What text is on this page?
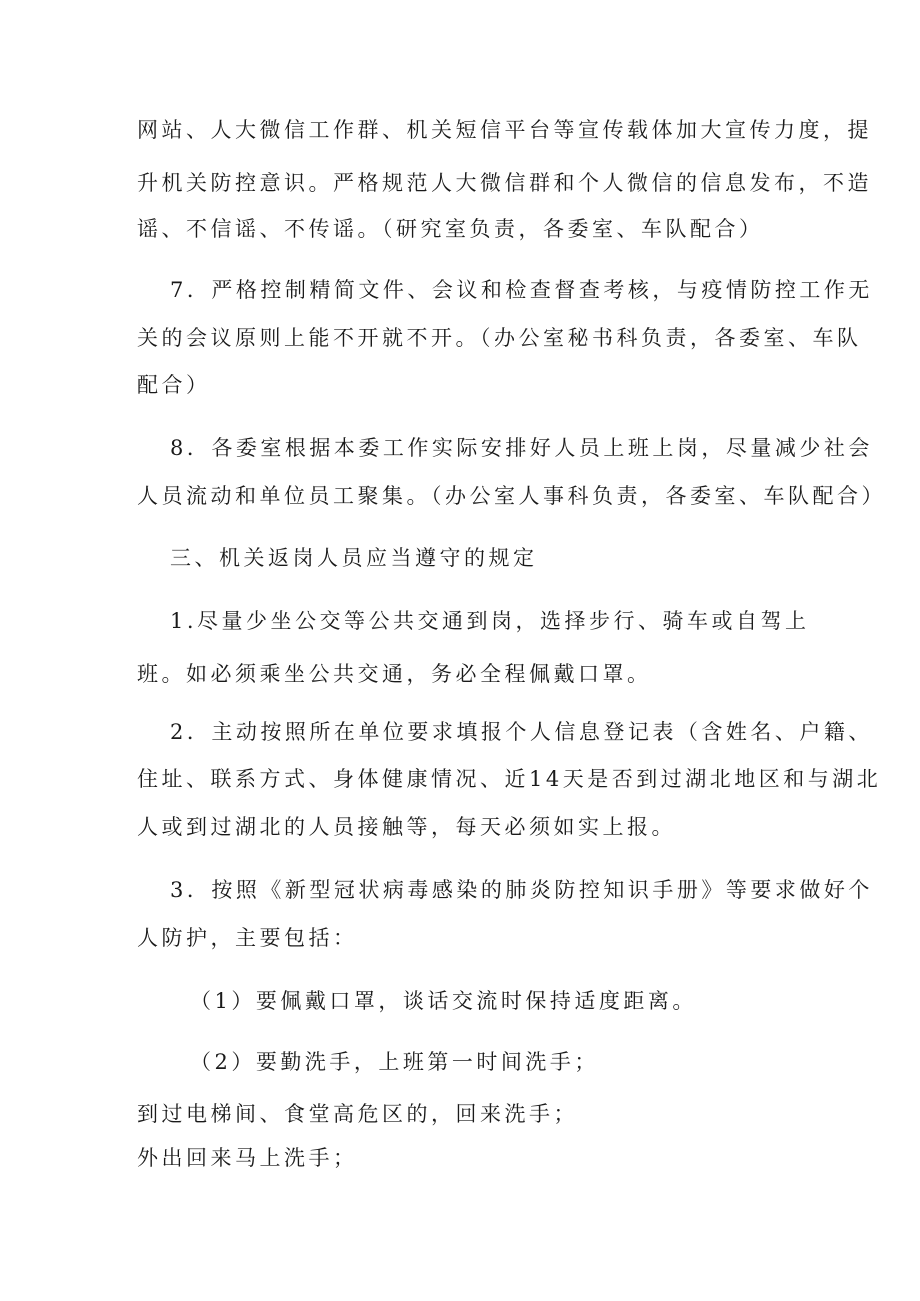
网站、人大微信工作群、机关短信平台等宣传载体加大宣传力度，提
升机关防控意识。严格规范人大微信群和个人微信的信息发布，不造
谣、不信谣、不传谣。（研究室负责，各委室、车队配合）
7．严格控制精简文件、会议和检查督查考核，与疫情防控工作无
关的会议原则上能不开就不开。（办公室秘书科负责，各委室、车队
配合）
8．各委室根据本委工作实际安排好人员上班上岗，尽量减少社会
人员流动和单位员工聚集。（办公室人事科负责，各委室、车队配合）
三、机关返岗人员应当遵守的规定
1.尽量少坐公交等公共交通到岗，选择步行、骑车或自驾上
班。如必须乘坐公共交通，务必全程佩戴口罩。
2．主动按照所在单位要求填报个人信息登记表（含姓名、户籍、
住址、联系方式、身体健康情况、近14天是否到过湖北地区和与湖北
人或到过湖北的人员接触等，每天必须如实上报。
3．按照《新型冠状病毒感染的肺炎防控知识手册》等要求做好个
人防护，主要包括：
（1）要佩戴口罩，谈话交流时保持适度距离。
（2）要勤洗手，上班第一时间洗手；
到过电梯间、食堂高危区的，回来洗手；
外出回来马上洗手；
